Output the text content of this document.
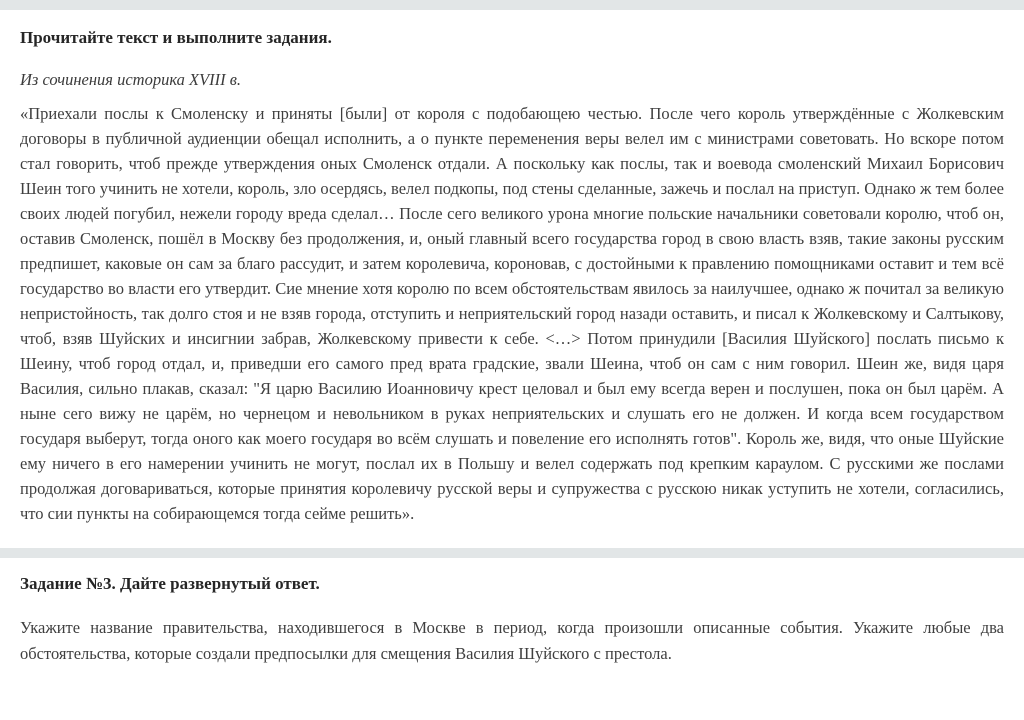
Прочитайте текст и выполните задания.

Из сочинения историка XVIII в.

«Приехали послы к Смоленску и приняты [были] от короля с подобающею честью. После чего король утверждённые с Жолкевским договоры в публичной аудиенции обещал исполнить, а о пункте переменения веры велел им с министрами советовать. Но вскоре потом стал говорить, чтоб прежде утверждения оных Смоленск отдали. А поскольку как послы, так и воевода смоленский Михаил Борисович Шеин того учинить не хотели, король, зло осердясь, велел подкопы, под стены сделанные, зажечь и послал на приступ. Однако ж тем более своих людей погубил, нежели городу вреда сделал… После сего великого урона многие польские начальники советовали королю, чтоб он, оставив Смоленск, пошёл в Москву без продолжения, и, оный главный всего государства город в свою власть взяв, такие законы русским предпишет, каковые он сам за благо рассудит, и затем королевича, короновав, с достойными к правлению помощниками оставит и тем всё государство во власти его утвердит. Сие мнение хотя королю по всем обстоятельствам явилось за наилучшее, однако ж почитал за великую непристойность, так долго стоя и не взяв города, отступить и неприятельский город назади оставить, и писал к Жолкевскому и Салтыкову, чтоб, взяв Шуйских и инсигнии забрав, Жолкевскому привести к себе. <…> Потом принудили [Василия Шуйского] послать письмо к Шеину, чтоб город отдал, и, приведши его самого пред врата градские, звали Шеина, чтоб он сам с ним говорил. Шеин же, видя царя Василия, сильно плакав, сказал: "Я царю Василию Иоанновичу крест целовал и был ему всегда верен и послушен, пока он был царём. А ныне сего вижу не царём, но чернецом и невольником в руках неприятельских и слушать его не должен. И когда всем государством государя выберут, тогда оного как моего государя во всём слушать и повеление его исполнять готов". Король же, видя, что оные Шуйские ему ничего в его намерении учинить не могут, послал их в Польшу и велел содержать под крепким караулом. С русскими же послами продолжая договариваться, которые принятия королевичу русской веры и супружества с русскою никак уступить не хотели, согласились, что сии пункты на собирающемся тогда сейме решить».

Задание №3. Дайте развернутый ответ.

Укажите название правительства, находившегося в Москве в период, когда произошли описанные события. Укажите любые два обстоятельства, которые создали предпосылки для смещения Василия Шуйского с престола.
